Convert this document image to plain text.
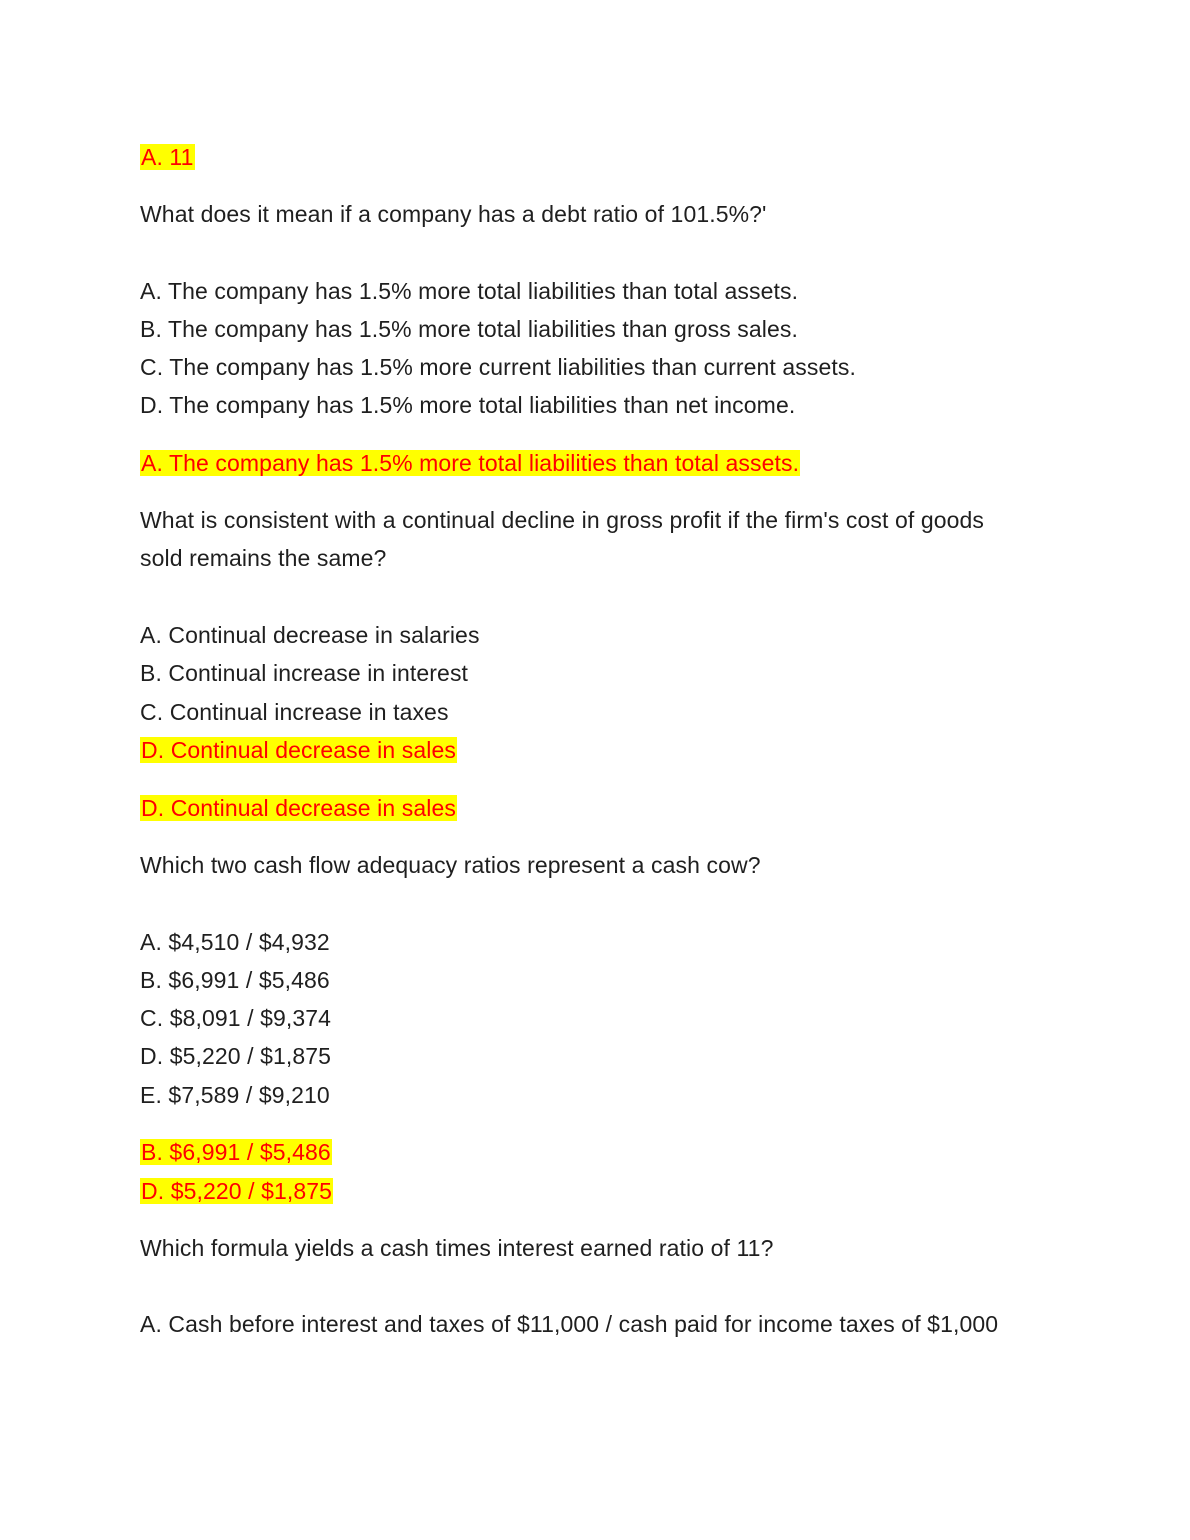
A. 11
What does it mean if a company has a debt ratio of 101.5%?'
A. The company has 1.5% more total liabilities than total assets.
B. The company has 1.5% more total liabilities than gross sales.
C. The company has 1.5% more current liabilities than current assets.
D. The company has 1.5% more total liabilities than net income.
A. The company has 1.5% more total liabilities than total assets.
What is consistent with a continual decline in gross profit if the firm's cost of goods sold remains the same?
A. Continual decrease in salaries
B. Continual increase in interest
C. Continual increase in taxes
D. Continual decrease in sales
D. Continual decrease in sales
Which two cash flow adequacy ratios represent a cash cow?
A. $4,510 / $4,932
B. $6,991 / $5,486
C. $8,091 / $9,374
D. $5,220 / $1,875
E. $7,589 / $9,210
B. $6,991 / $5,486
D. $5,220 / $1,875
Which formula yields a cash times interest earned ratio of 11?
A. Cash before interest and taxes of $11,000 / cash paid for income taxes of $1,000
